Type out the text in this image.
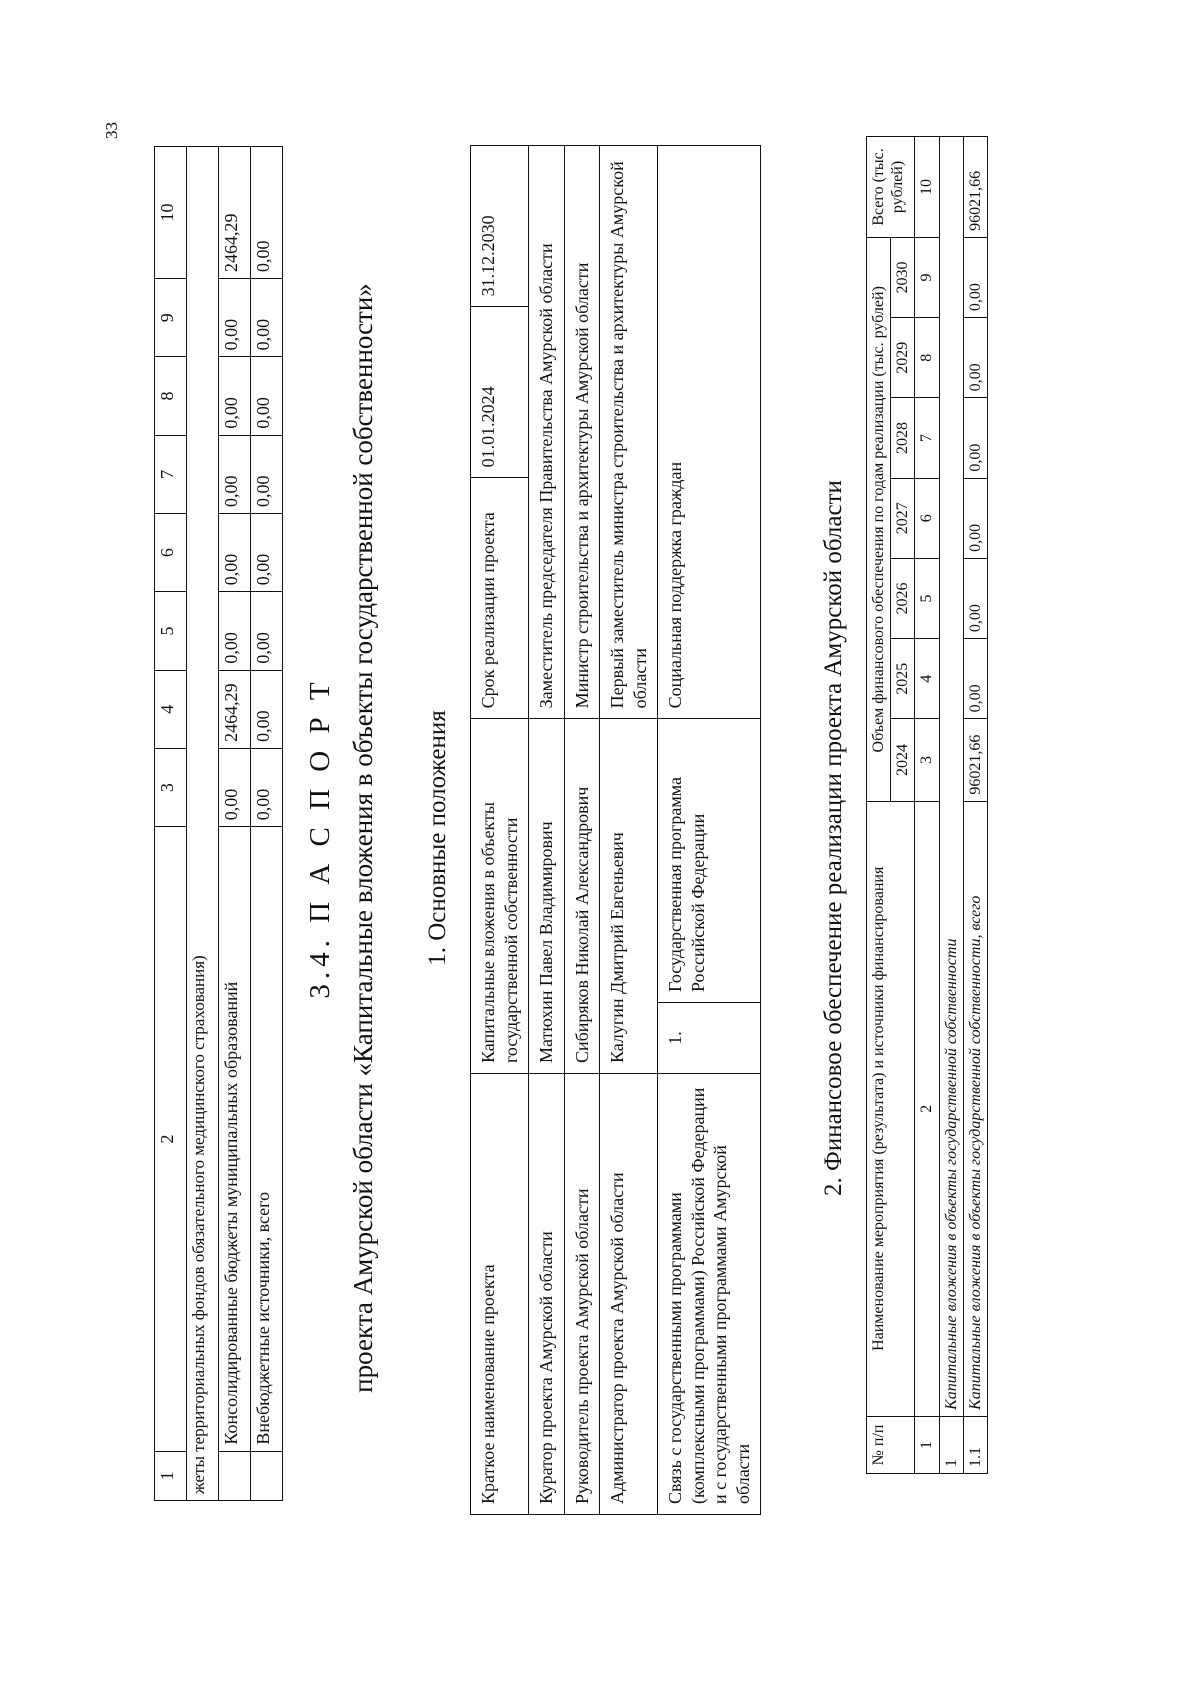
33
1	2	3	4	5	6	7	8	9	10
жеты территориальных фондов обязательного медицинского страхования)									
	Консолидированные бюджеты муниципальных образований	0,00	2464,29	0,00	0,00	0,00	0,00	0,00	2464,29
	Внебюджетные источники, всего	0,00	0,00	0,00	0,00	0,00	0,00	0,00	0,00
3.4. П А С П О Р Т проекта Амурской области «Капитальные вложения в объекты государственной собственности» 1. Основные положения
Краткое наименование проекта	Капитальные вложения в объекты государственной собственности		Срок реализации проекта	01.01.2024	31.12.2030
Куратор проекта Амурской области	Матюхин Павел Владимирович		Заместитель председателя Правительства Амурской области		
Руководитель проекта Амурской области	Сибиряков Николай Александрович		Министр строительства и архитектуры Амурской области		
Администратор проекта Амурской области	Калугин Дмитрий Евгеньевич		Первый заместитель министра строительства и архитектуры Амурской области		
Связь с государственными программами (комплексными программами) Российской Федерации и с государственными программами Амурской области	1.	Государственная программа Российской Федерации	Социальная поддержка граждан			2. Финансовое обеспечение реализации проекта Амурской области
№ п/п	Наименование мероприятия (результата) и источники финансирования	Объем финансового обеспечения по годам реализации (тыс. рублей)							Всего (тыс. рублей)
		2024	2025	2026	2027	2028	2029	2030	
1	2	3	4	5	6	7	8	9	10
1	Капитальные вложения в объекты государственной собственности								
1.1	Капитальные вложения в объекты государственной собственности, всего	96021,66	0,00	0,00	0,00	0,00	0,00	0,00	96021,66
